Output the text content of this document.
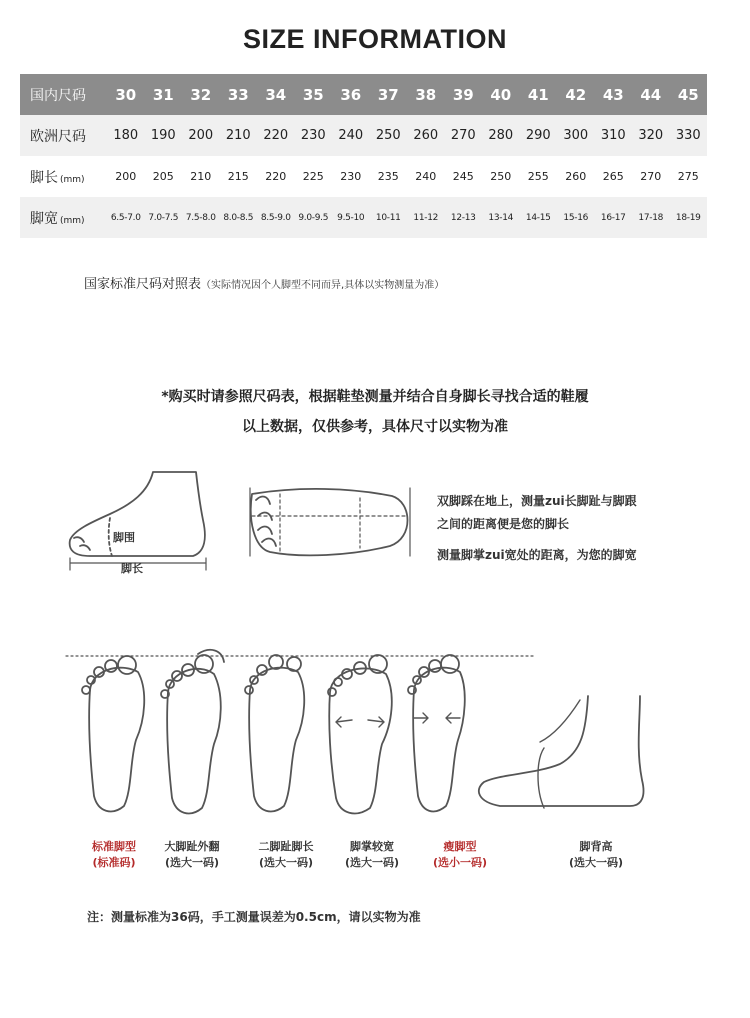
SIZE INFORMATION
国内尺码	30	31	32	33	34	35	36	37	38	39	40	41	42	43	44	45
欧洲尺码	180	190	200	210	220	230	240	250	260	270	280	290	300	310	320	330
脚长 (mm)	200	205	210	215	220	225	230	235	240	245	250	255	260	265	270	275
脚宽 (mm)	6.5-7.0	7.0-7.5	7.5-8.0	8.0-8.5	8.5-9.0	9.0-9.5	9.5-10	10-11	11-12	12-13	13-14	14-15	15-16	16-17	17-18	18-19
国家标准尺码对照表（实际情况因个人脚型不同而异,具体以实物测量为准）
*购买时请参照尺码表，根据鞋垫测量并结合自身脚长寻找合适的鞋履
以上数据，仅供参考，具体尺寸以实物为准
脚围
脚长
双脚踩在地上，测量zui长脚趾与脚跟
之间的距离便是您的脚长
测量脚掌zui宽处的距离，为您的脚宽
标准脚型
(标准码)
大脚趾外翻
(选大一码)
二脚趾脚长
(选大一码)
脚掌较宽
(选大一码)
瘦脚型
(选小一码)
脚背高
(选大一码)
注：测量标准为36码，手工测量误差为0.5cm，请以实物为准
